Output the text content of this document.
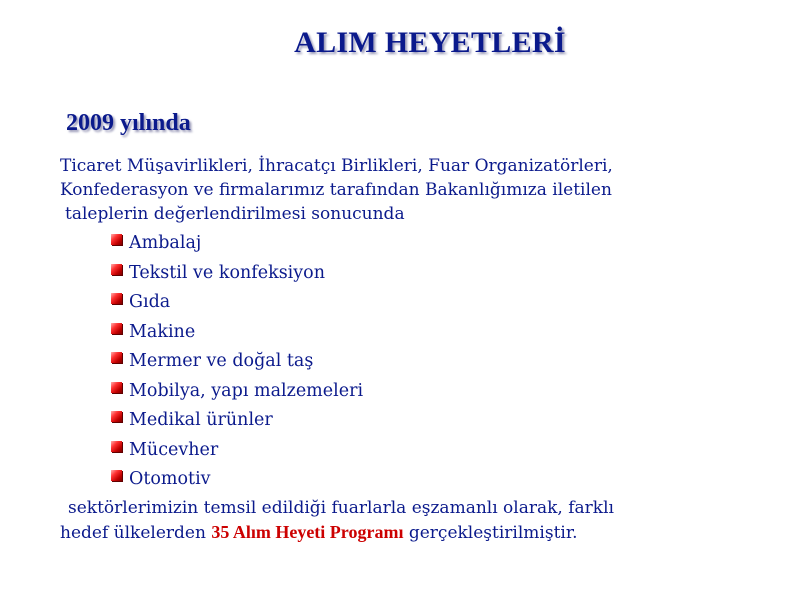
ALIM HEYETLERİ
2009 yılında
Ticaret Müşavirlikleri, İhracatçı Birlikleri, Fuar Organizatörleri,
Konfederasyon ve firmalarımız tarafından Bakanlığımıza iletilen
taleplerin değerlendirilmesi sonucunda
Ambalaj
Tekstil ve konfeksiyon
Gıda
Makine
Mermer ve doğal taş
Mobilya, yapı malzemeleri
Medikal ürünler
Mücevher
Otomotiv
sektörlerimizin temsil edildiği fuarlarla eşzamanlı olarak, farklı
hedef ülkelerden 35 Alım Heyeti Programı gerçekleştirilmiştir.
